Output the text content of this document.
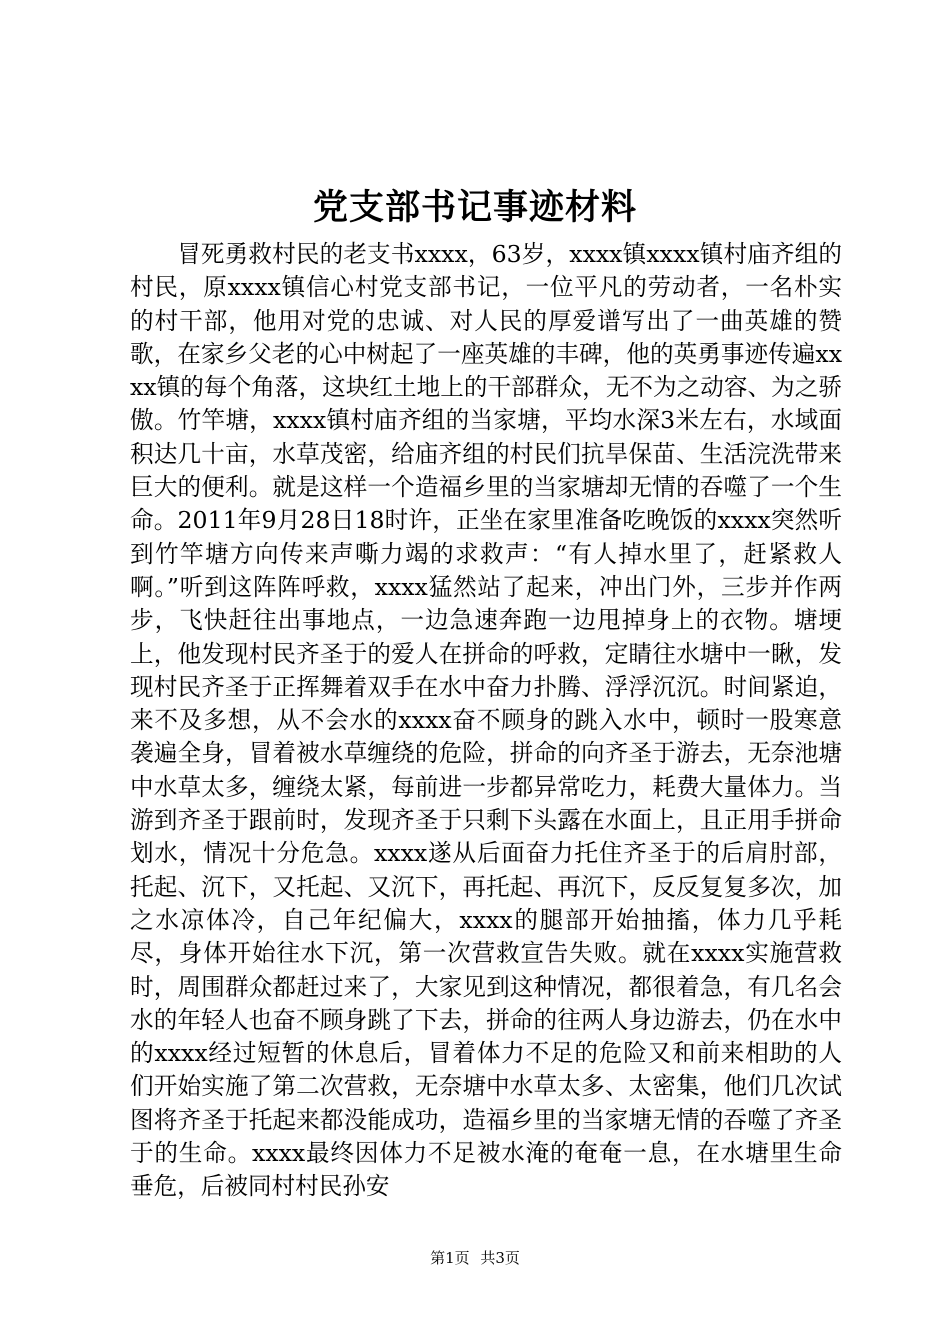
党支部书记事迹材料

冒死勇救村民的老支书xxxx，63岁，xxxx镇xxxx镇村庙齐组的村民，原xxxx镇信心村党支部书记，一位平凡的劳动者，一名朴实的村干部，他用对党的忠诚、对人民的厚爱谱写出了一曲英雄的赞歌，在家乡父老的心中树起了一座英雄的丰碑，他的英勇事迹传遍xxxx镇的每个角落，这块红土地上的干部群众，无不为之动容、为之骄傲。竹竿塘，xxxx镇村庙齐组的当家塘，平均水深3米左右，水域面积达几十亩，水草茂密，给庙齐组的村民们抗旱保苗、生活浣洗带来巨大的便利。就是这样一个造福乡里的当家塘却无情的吞噬了一个生命。2011年9月28日18时许，正坐在家里准备吃晚饭的xxxx突然听到竹竿塘方向传来声嘶力竭的求救声：“有人掉水里了，赶紧救人啊。”听到这阵阵呼救，xxxx猛然站了起来，冲出门外，三步并作两步，飞快赶往出事地点，一边急速奔跑一边甩掉身上的衣物。塘埂上，他发现村民齐圣于的爱人在拼命的呼救，定睛往水塘中一瞅，发现村民齐圣于正挥舞着双手在水中奋力扑腾、浮浮沉沉。时间紧迫，来不及多想，从不会水的xxxx奋不顾身的跳入水中，顿时一股寒意袭遍全身，冒着被水草缠绕的危险，拼命的向齐圣于游去，无奈池塘中水草太多，缠绕太紧，每前进一步都异常吃力，耗费大量体力。当游到齐圣于跟前时，发现齐圣于只剩下头露在水面上，且正用手拼命划水，情况十分危急。xxxx遂从后面奋力托住齐圣于的后肩肘部，托起、沉下，又托起、又沉下，再托起、再沉下，反反复复多次，加之水凉体冷，自己年纪偏大，xxxx的腿部开始抽搐，体力几乎耗尽，身体开始往水下沉，第一次营救宣告失败。就在xxxx实施营救时，周围群众都赶过来了，大家见到这种情况，都很着急，有几名会水的年轻人也奋不顾身跳了下去，拼命的往两人身边游去，仍在水中的xxxx经过短暂的休息后，冒着体力不足的危险又和前来相助的人们开始实施了第二次营救，无奈塘中水草太多、太密集，他们几次试图将齐圣于托起来都没能成功，造福乡里的当家塘无情的吞噬了齐圣于的生命。xxxx最终因体力不足被水淹的奄奄一息，在水塘里生命垂危，后被同村村民孙安

第1页 共3页
